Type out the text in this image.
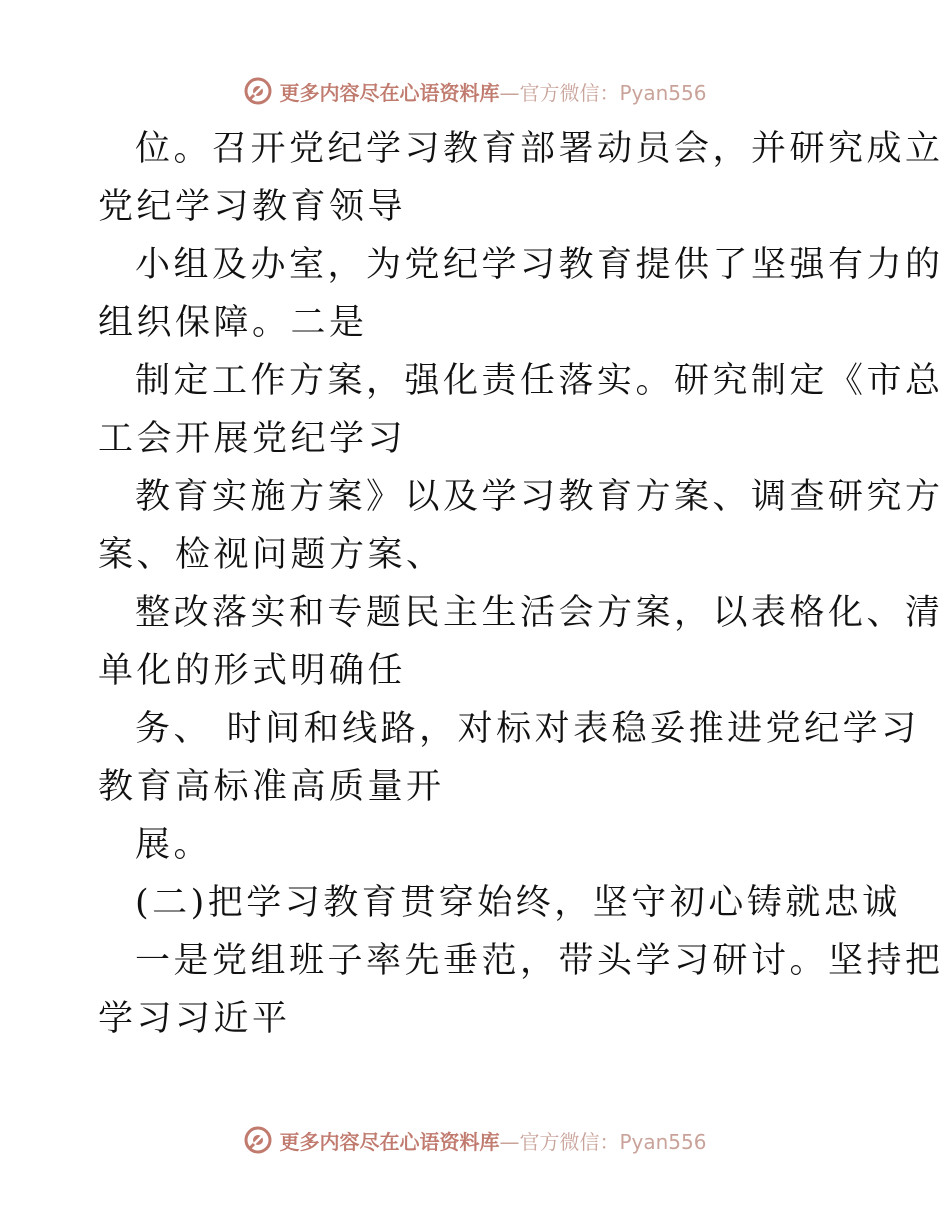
更多内容尽在心语资料库 —官方微信：Pyan556
位。召开党纪学习教育部署动员会，并研究成立
党纪学习教育领导
小组及办室，为党纪学习教育提供了坚强有力的
组织保障。二是
制定工作方案，强化责任落实。研究制定《市总
工会开展党纪学习
教育实施方案》以及学习教育方案、调查研究方
案、检视问题方案、
整改落实和专题民主生活会方案，以表格化、清
单化的形式明确任
务、 时间和线路，对标对表稳妥推进党纪学习
教育高标准高质量开
展。
(二)把学习教育贯穿始终，坚守初心铸就忠诚
一是党组班子率先垂范，带头学习研讨。坚持把
学习习近平
更多内容尽在心语资料库 —官方微信：Pyan556
